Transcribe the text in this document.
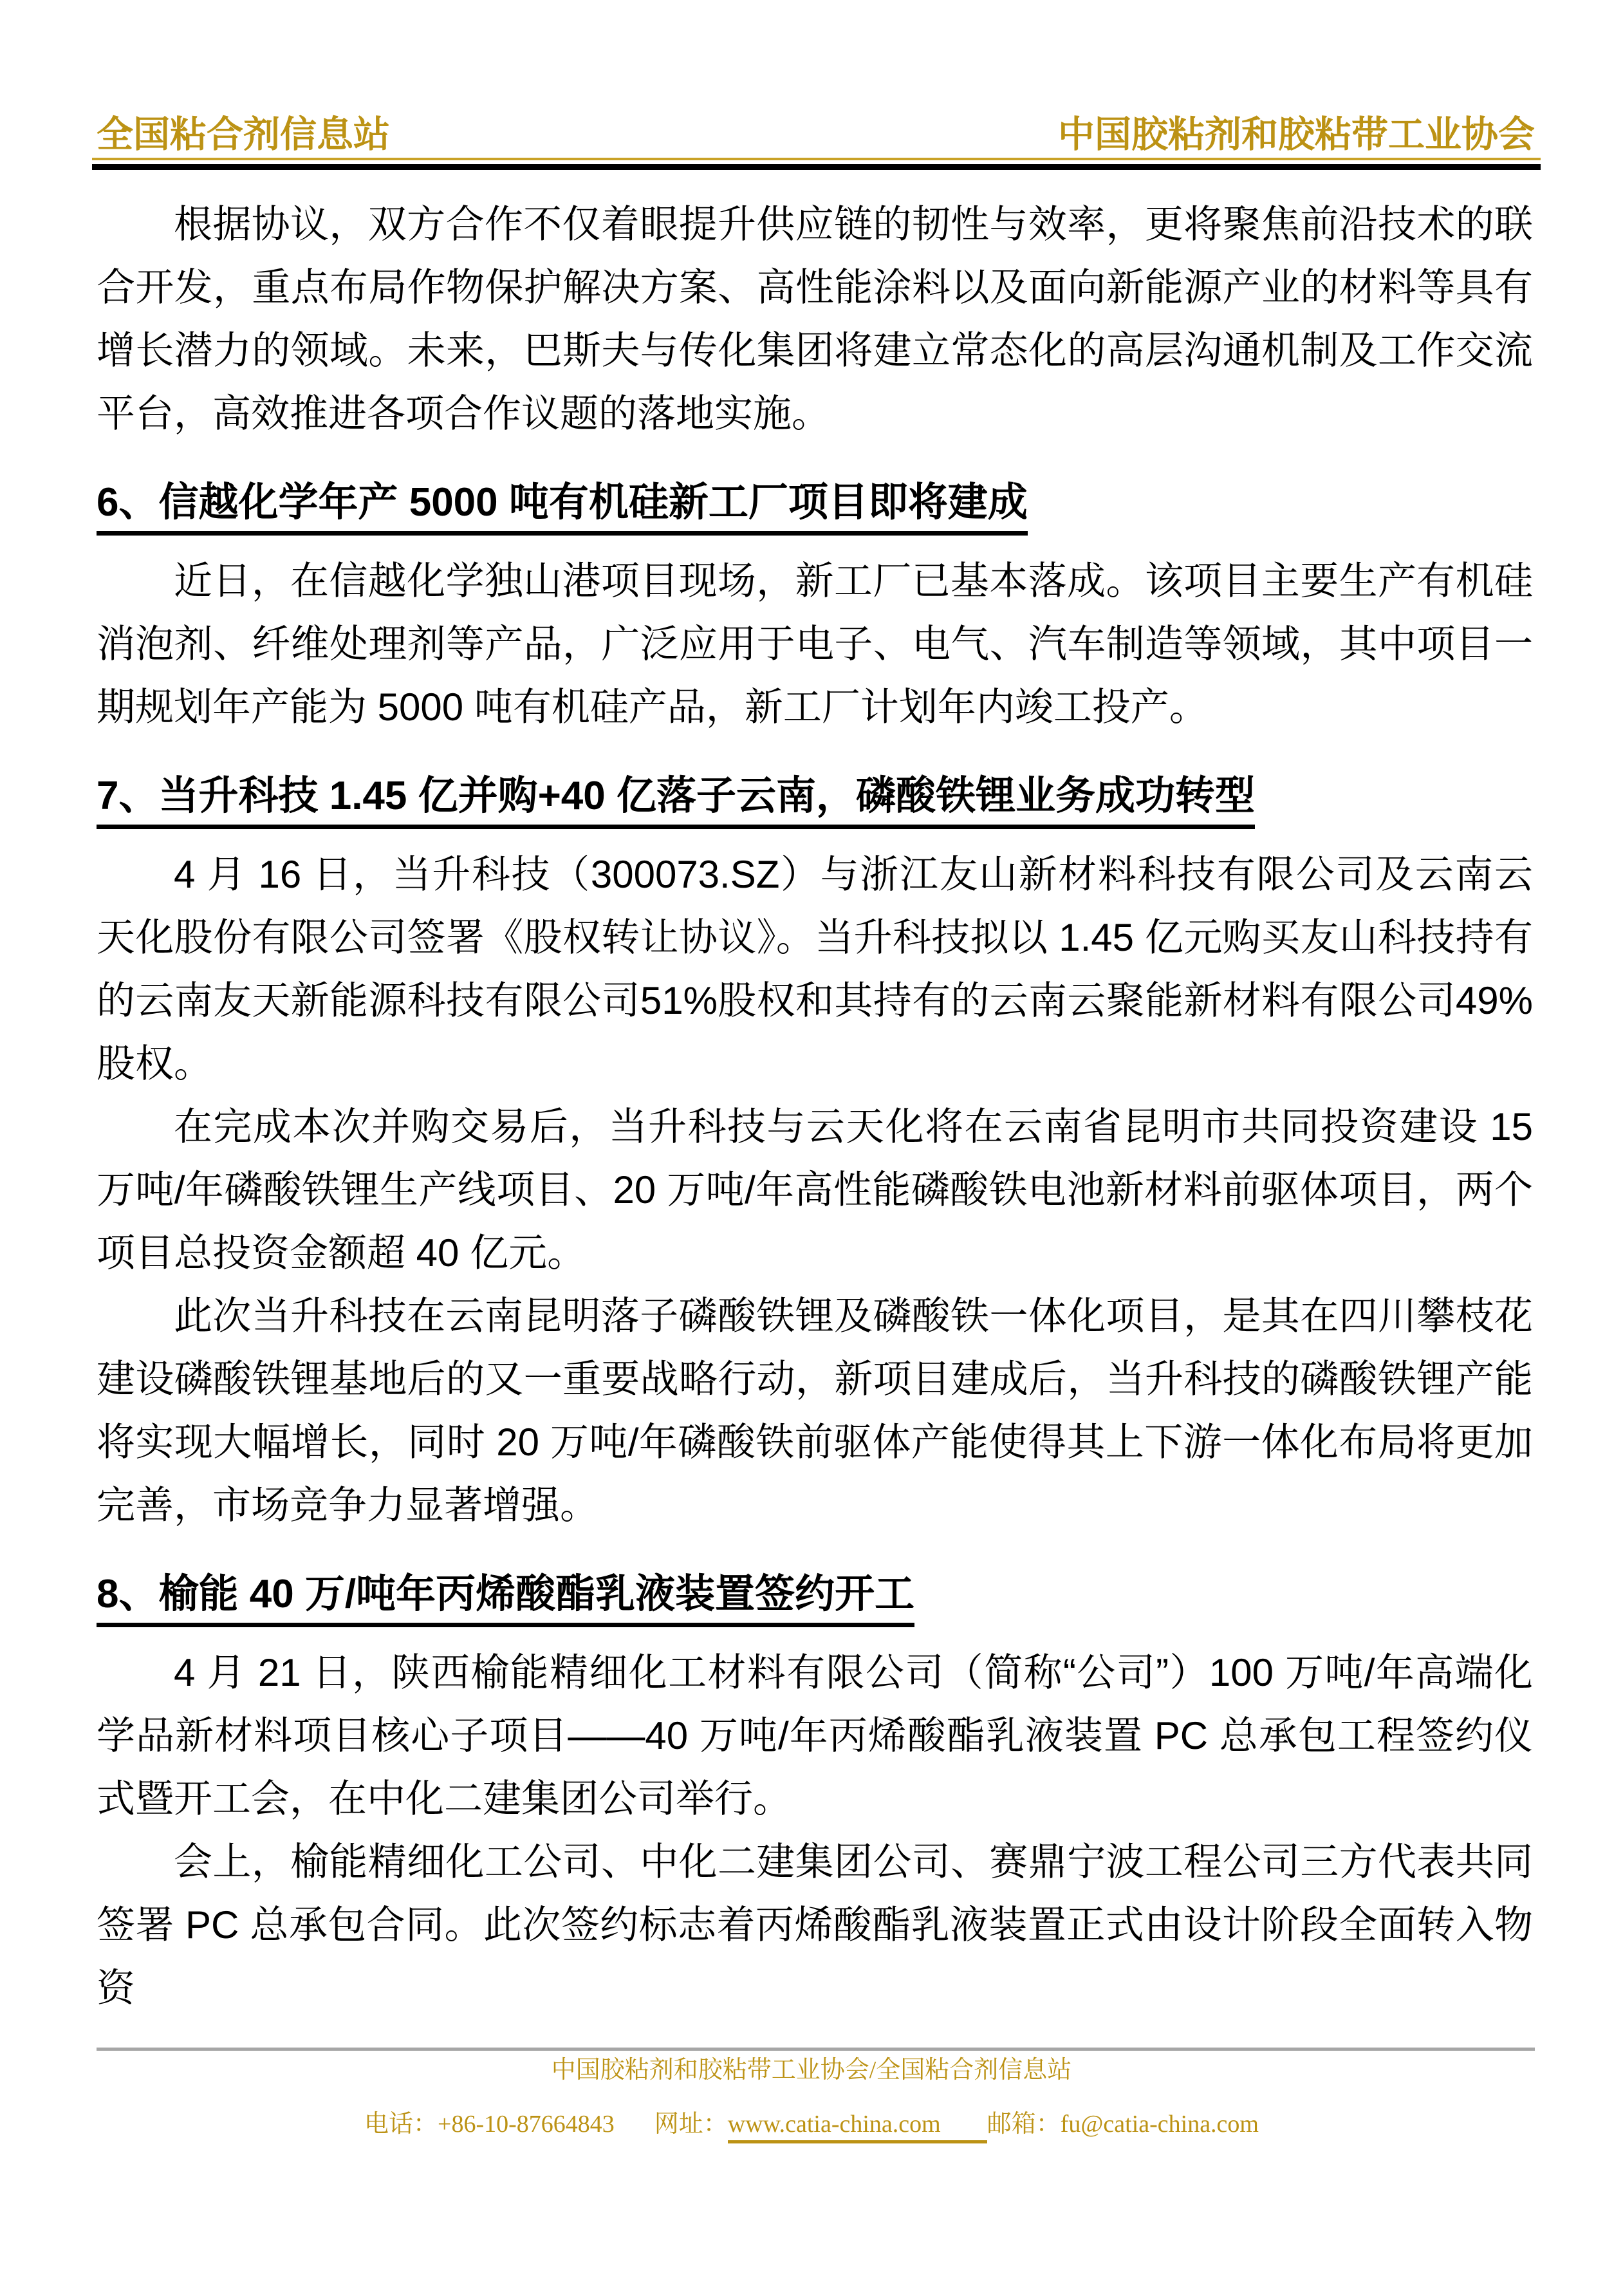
全国粘合剂信息站	中国胶粘剂和胶粘带工业协会

根据协议，双方合作不仅着眼提升供应链的韧性与效率，更将聚焦前沿技术的联合开发，重点布局作物保护解决方案、高性能涂料以及面向新能源产业的材料等具有增长潜力的领域。未来，巴斯夫与传化集团将建立常态化的高层沟通机制及工作交流平台，高效推进各项合作议题的落地实施。

6、信越化学年产 5000 吨有机硅新工厂项目即将建成

近日，在信越化学独山港项目现场，新工厂已基本落成。该项目主要生产有机硅消泡剂、纤维处理剂等产品，广泛应用于电子、电气、汽车制造等领域，其中项目一期规划年产能为 5000 吨有机硅产品，新工厂计划年内竣工投产。

7、当升科技 1.45 亿并购+40 亿落子云南，磷酸铁锂业务成功转型

4 月 16 日，当升科技（300073.SZ）与浙江友山新材料科技有限公司及云南云天化股份有限公司签署《股权转让协议》。当升科技拟以 1.45 亿元购买友山科技持有的云南友天新能源科技有限公司51%股权和其持有的云南云聚能新材料有限公司49%股权。

在完成本次并购交易后，当升科技与云天化将在云南省昆明市共同投资建设 15 万吨/年磷酸铁锂生产线项目、20 万吨/年高性能磷酸铁电池新材料前驱体项目，两个项目总投资金额超 40 亿元。

此次当升科技在云南昆明落子磷酸铁锂及磷酸铁一体化项目，是其在四川攀枝花建设磷酸铁锂基地后的又一重要战略行动，新项目建成后，当升科技的磷酸铁锂产能将实现大幅增长，同时 20 万吨/年磷酸铁前驱体产能使得其上下游一体化布局将更加完善，市场竞争力显著增强。

8、榆能 40 万/吨年丙烯酸酯乳液装置签约开工

4 月 21 日，陕西榆能精细化工材料有限公司（简称“公司”）100 万吨/年高端化学品新材料项目核心子项目——40 万吨/年丙烯酸酯乳液装置 PC 总承包工程签约仪式暨开工会，在中化二建集团公司举行。

会上，榆能精细化工公司、中化二建集团公司、赛鼎宁波工程公司三方代表共同签署 PC 总承包合同。此次签约标志着丙烯酸酯乳液装置正式由设计阶段全面转入物资

中国胶粘剂和胶粘带工业协会/全国粘合剂信息站
电话：+86-10-87664843 网址：www.catia-china.com 邮箱：fu@catia-china.com
